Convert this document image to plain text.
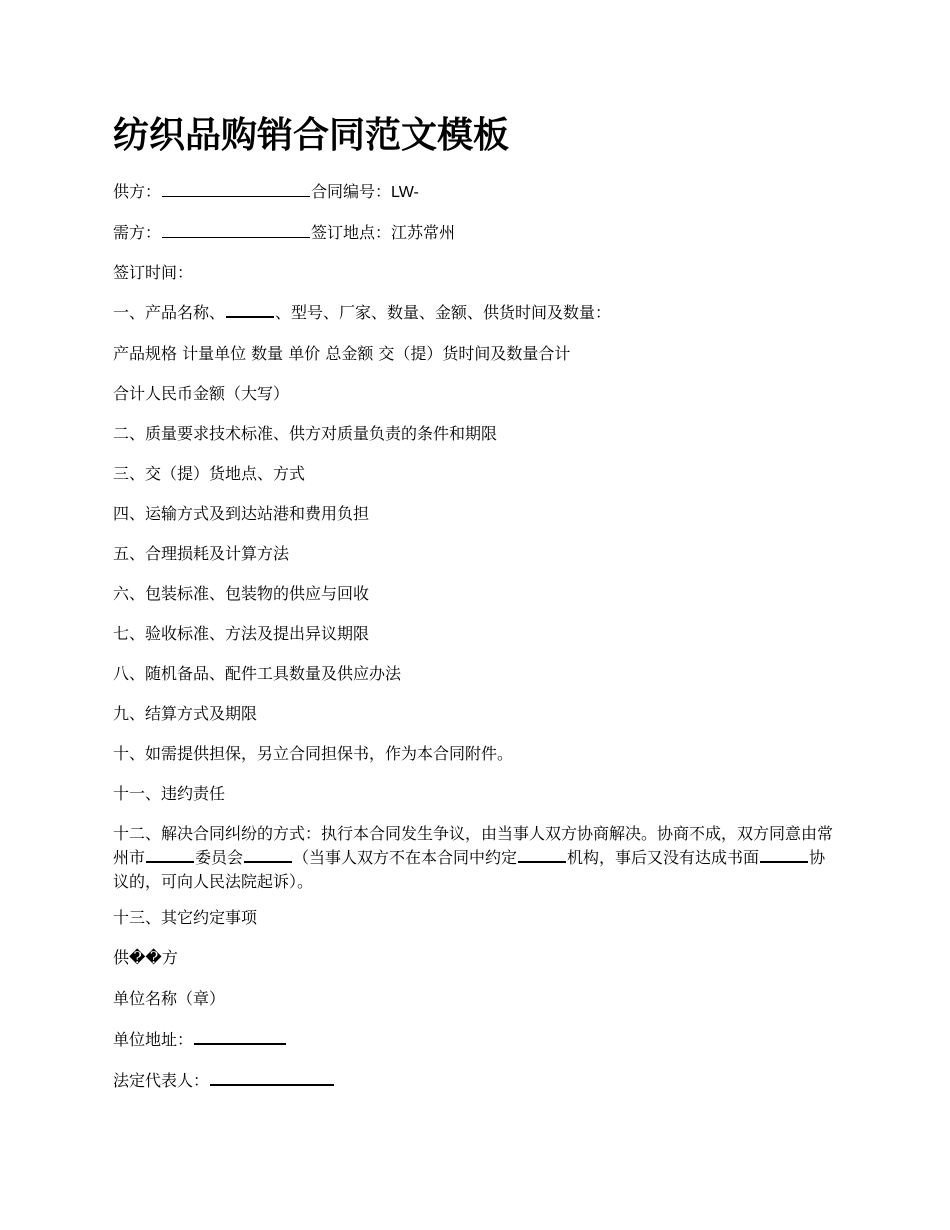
纺织品购销合同范文模板
供方：	合同编号：LW-
需方：	签订地点：江苏常州
签订时间：
一、产品名称、	、型号、厂家、数量、金额、供货时间及数量：
产品规格 计量单位 数量 单价 总金额 交（提）货时间及数量合计
合计人民币金额（大写）
二、质量要求技术标准、供方对质量负责的条件和期限
三、交（提）货地点、方式
四、运输方式及到达站港和费用负担
五、合理损耗及计算方法
六、包装标准、包装物的供应与回收
七、验收标准、方法及提出异议期限
八、随机备品、配件工具数量及供应办法
九、结算方式及期限
十、如需提供担保，另立合同担保书，作为本合同附件。
十一、违约责任
十二、解决合同纠纷的方式：执行本合同发生争议，由当事人双方协商解决。协商不成，双方同意由常州市	委员会	（当事人双方不在本合同中约定	机构，事后又没有达成书面	协议的，可向人民法院起诉）。
十三、其它约定事项
供��方
单位名称（章）
单位地址：
法定代表人：
